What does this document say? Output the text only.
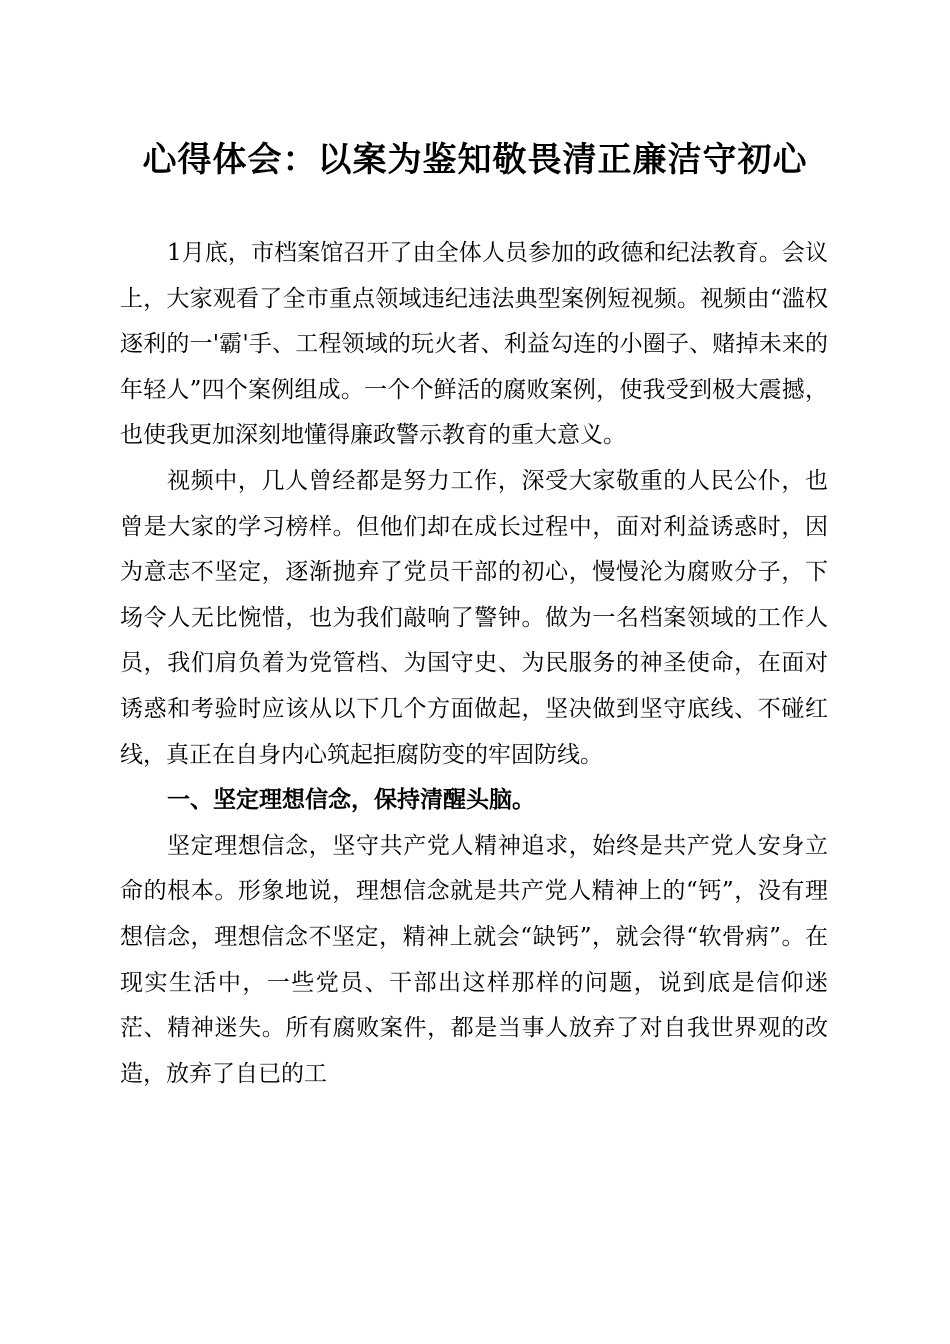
心得体会：以案为鉴知敬畏清正廉洁守初心

1月底，市档案馆召开了由全体人员参加的政德和纪法教育。会议上，大家观看了全市重点领域违纪违法典型案例短视频。视频由“滥权逐利的一'霸'手、工程领域的玩火者、利益勾连的小圈子、赌掉未来的年轻人”四个案例组成。一个个鲜活的腐败案例，使我受到极大震撼，也使我更加深刻地懂得廉政警示教育的重大意义。

视频中，几人曾经都是努力工作，深受大家敬重的人民公仆，也曾是大家的学习榜样。但他们却在成长过程中，面对利益诱惑时，因为意志不坚定，逐渐抛弃了党员干部的初心，慢慢沦为腐败分子，下场令人无比惋惜，也为我们敲响了警钟。做为一名档案领域的工作人员，我们肩负着为党管档、为国守史、为民服务的神圣使命，在面对诱惑和考验时应该从以下几个方面做起，坚决做到坚守底线、不碰红线，真正在自身内心筑起拒腐防变的牢固防线。

一、坚定理想信念，保持清醒头脑。

坚定理想信念，坚守共产党人精神追求，始终是共产党人安身立命的根本。形象地说，理想信念就是共产党人精神上的“钙”，没有理想信念，理想信念不坚定，精神上就会“缺钙”，就会得“软骨病”。在现实生活中，一些党员、干部出这样那样的问题，说到底是信仰迷茫、精神迷失。所有腐败案件，都是当事人放弃了对自我世界观的改造，放弃了自已的工
